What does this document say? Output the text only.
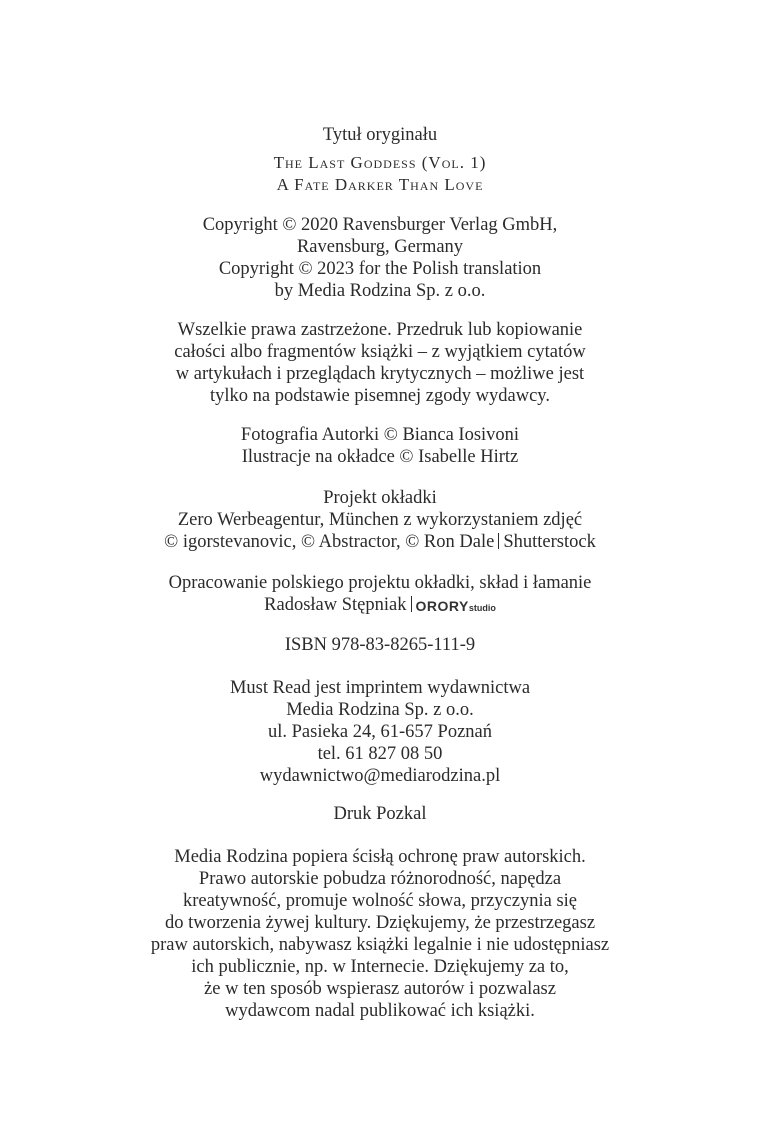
Tytuł oryginału
The Last Goddess (Vol. 1)
A Fate Darker Than Love
Copyright © 2020 Ravensburger Verlag GmbH,
Ravensburg, Germany
Copyright © 2023 for the Polish translation
by Media Rodzina Sp. z o.o.
Wszelkie prawa zastrzeżone. Przedruk lub kopiowanie
całości albo fragmentów książki – z wyjątkiem cytatów
w artykułach i przeglądach krytycznych – możliwe jest
tylko na podstawie pisemnej zgody wydawcy.
Fotografia Autorki © Bianca Iosivoni
Ilustracje na okładce © Isabelle Hirtz
Projekt okładki
Zero Werbeagentur, München z wykorzystaniem zdjęć
© igorstevanovic, © Abstractor, © Ron Dale Shutterstock
Opracowanie polskiego projektu okładki, skład i łamanie
Radosław Stępniak ORORYstudio
ISBN 978-83-8265-111-9
Must Read jest imprintem wydawnictwa
Media Rodzina Sp. z o.o.
ul. Pasieka 24, 61-657 Poznań
tel. 61 827 08 50
wydawnictwo@mediarodzina.pl
Druk Pozkal
Media Rodzina popiera ścisłą ochronę praw autorskich.
Prawo autorskie pobudza różnorodność, napędza
kreatywność, promuje wolność słowa, przyczynia się
do tworzenia żywej kultury. Dziękujemy, że przestrzegasz
praw autorskich, nabywasz książki legalnie i nie udostępniasz
ich publicznie, np. w Internecie. Dziękujemy za to,
że w ten sposób wspierasz autorów i pozwalasz
wydawcom nadal publikować ich książki.
